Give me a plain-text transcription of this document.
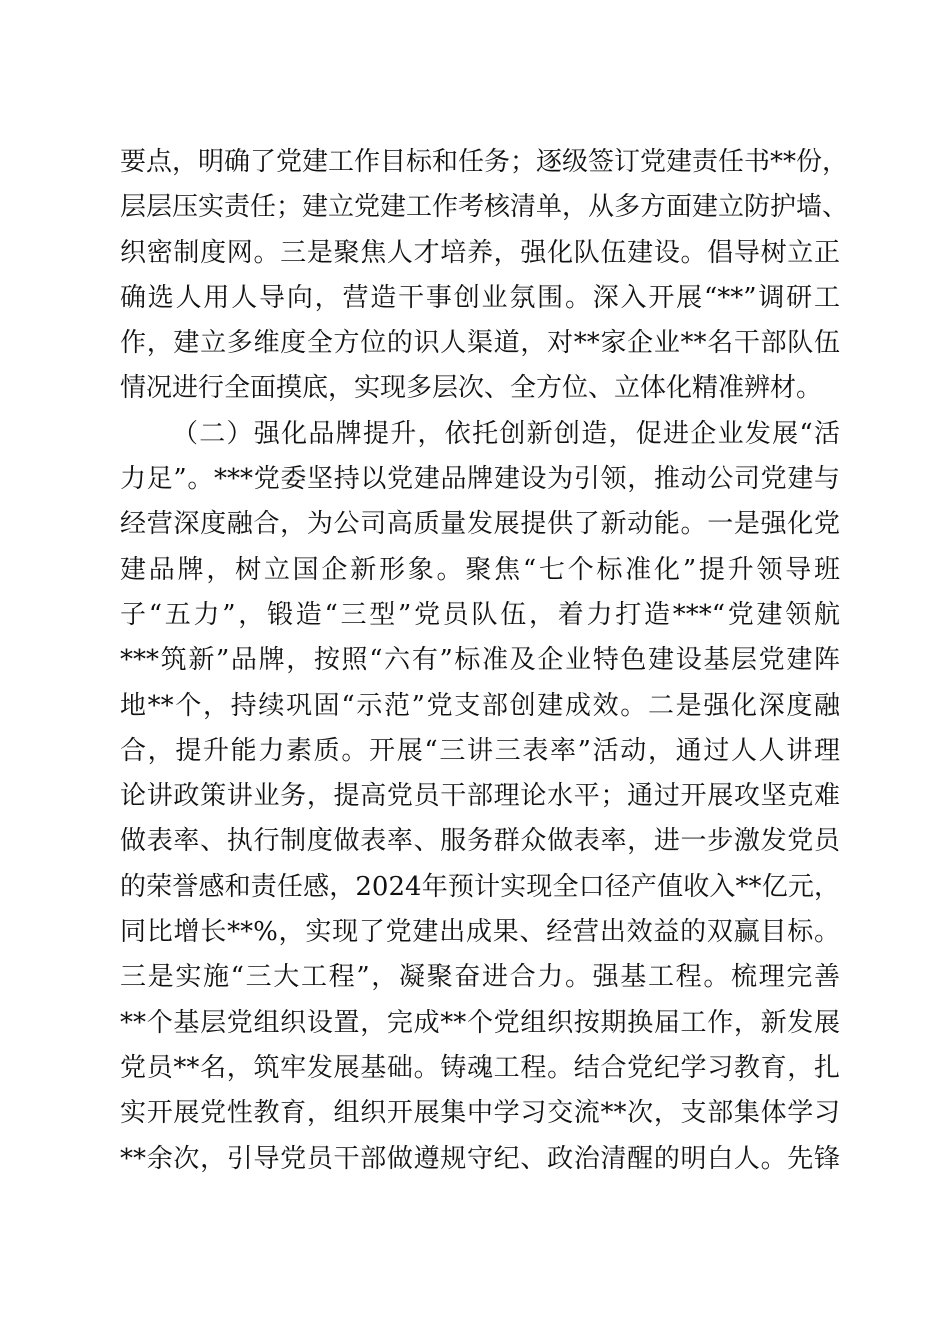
要点，明确了党建工作目标和任务；逐级签订党建责任书**份，
层层压实责任；建立党建工作考核清单，从多方面建立防护墙、
织密制度网。三是聚焦人才培养，强化队伍建设。倡导树立正
确选人用人导向，营造干事创业氛围。深入开展“**”调研工
作，建立多维度全方位的识人渠道，对**家企业**名干部队伍
情况进行全面摸底，实现多层次、全方位、立体化精准辨材。
（二）强化品牌提升，依托创新创造，促进企业发展“活
力足”。***党委坚持以党建品牌建设为引领，推动公司党建与
经营深度融合，为公司高质量发展提供了新动能。一是强化党
建品牌，树立国企新形象。聚焦“七个标准化”提升领导班
子“五力”，锻造“三型”党员队伍，着力打造***“党建领航
***筑新”品牌，按照“六有”标准及企业特色建设基层党建阵
地**个，持续巩固“示范”党支部创建成效。二是强化深度融
合，提升能力素质。开展“三讲三表率”活动，通过人人讲理
论讲政策讲业务，提高党员干部理论水平；通过开展攻坚克难
做表率、执行制度做表率、服务群众做表率，进一步激发党员
的荣誉感和责任感，2024年预计实现全口径产值收入**亿元，
同比增长**%，实现了党建出成果、经营出效益的双赢目标。
三是实施“三大工程”，凝聚奋进合力。强基工程。梳理完善
**个基层党组织设置，完成**个党组织按期换届工作，新发展
党员**名，筑牢发展基础。铸魂工程。结合党纪学习教育，扎
实开展党性教育，组织开展集中学习交流**次，支部集体学习
**余次，引导党员干部做遵规守纪、政治清醒的明白人。先锋
